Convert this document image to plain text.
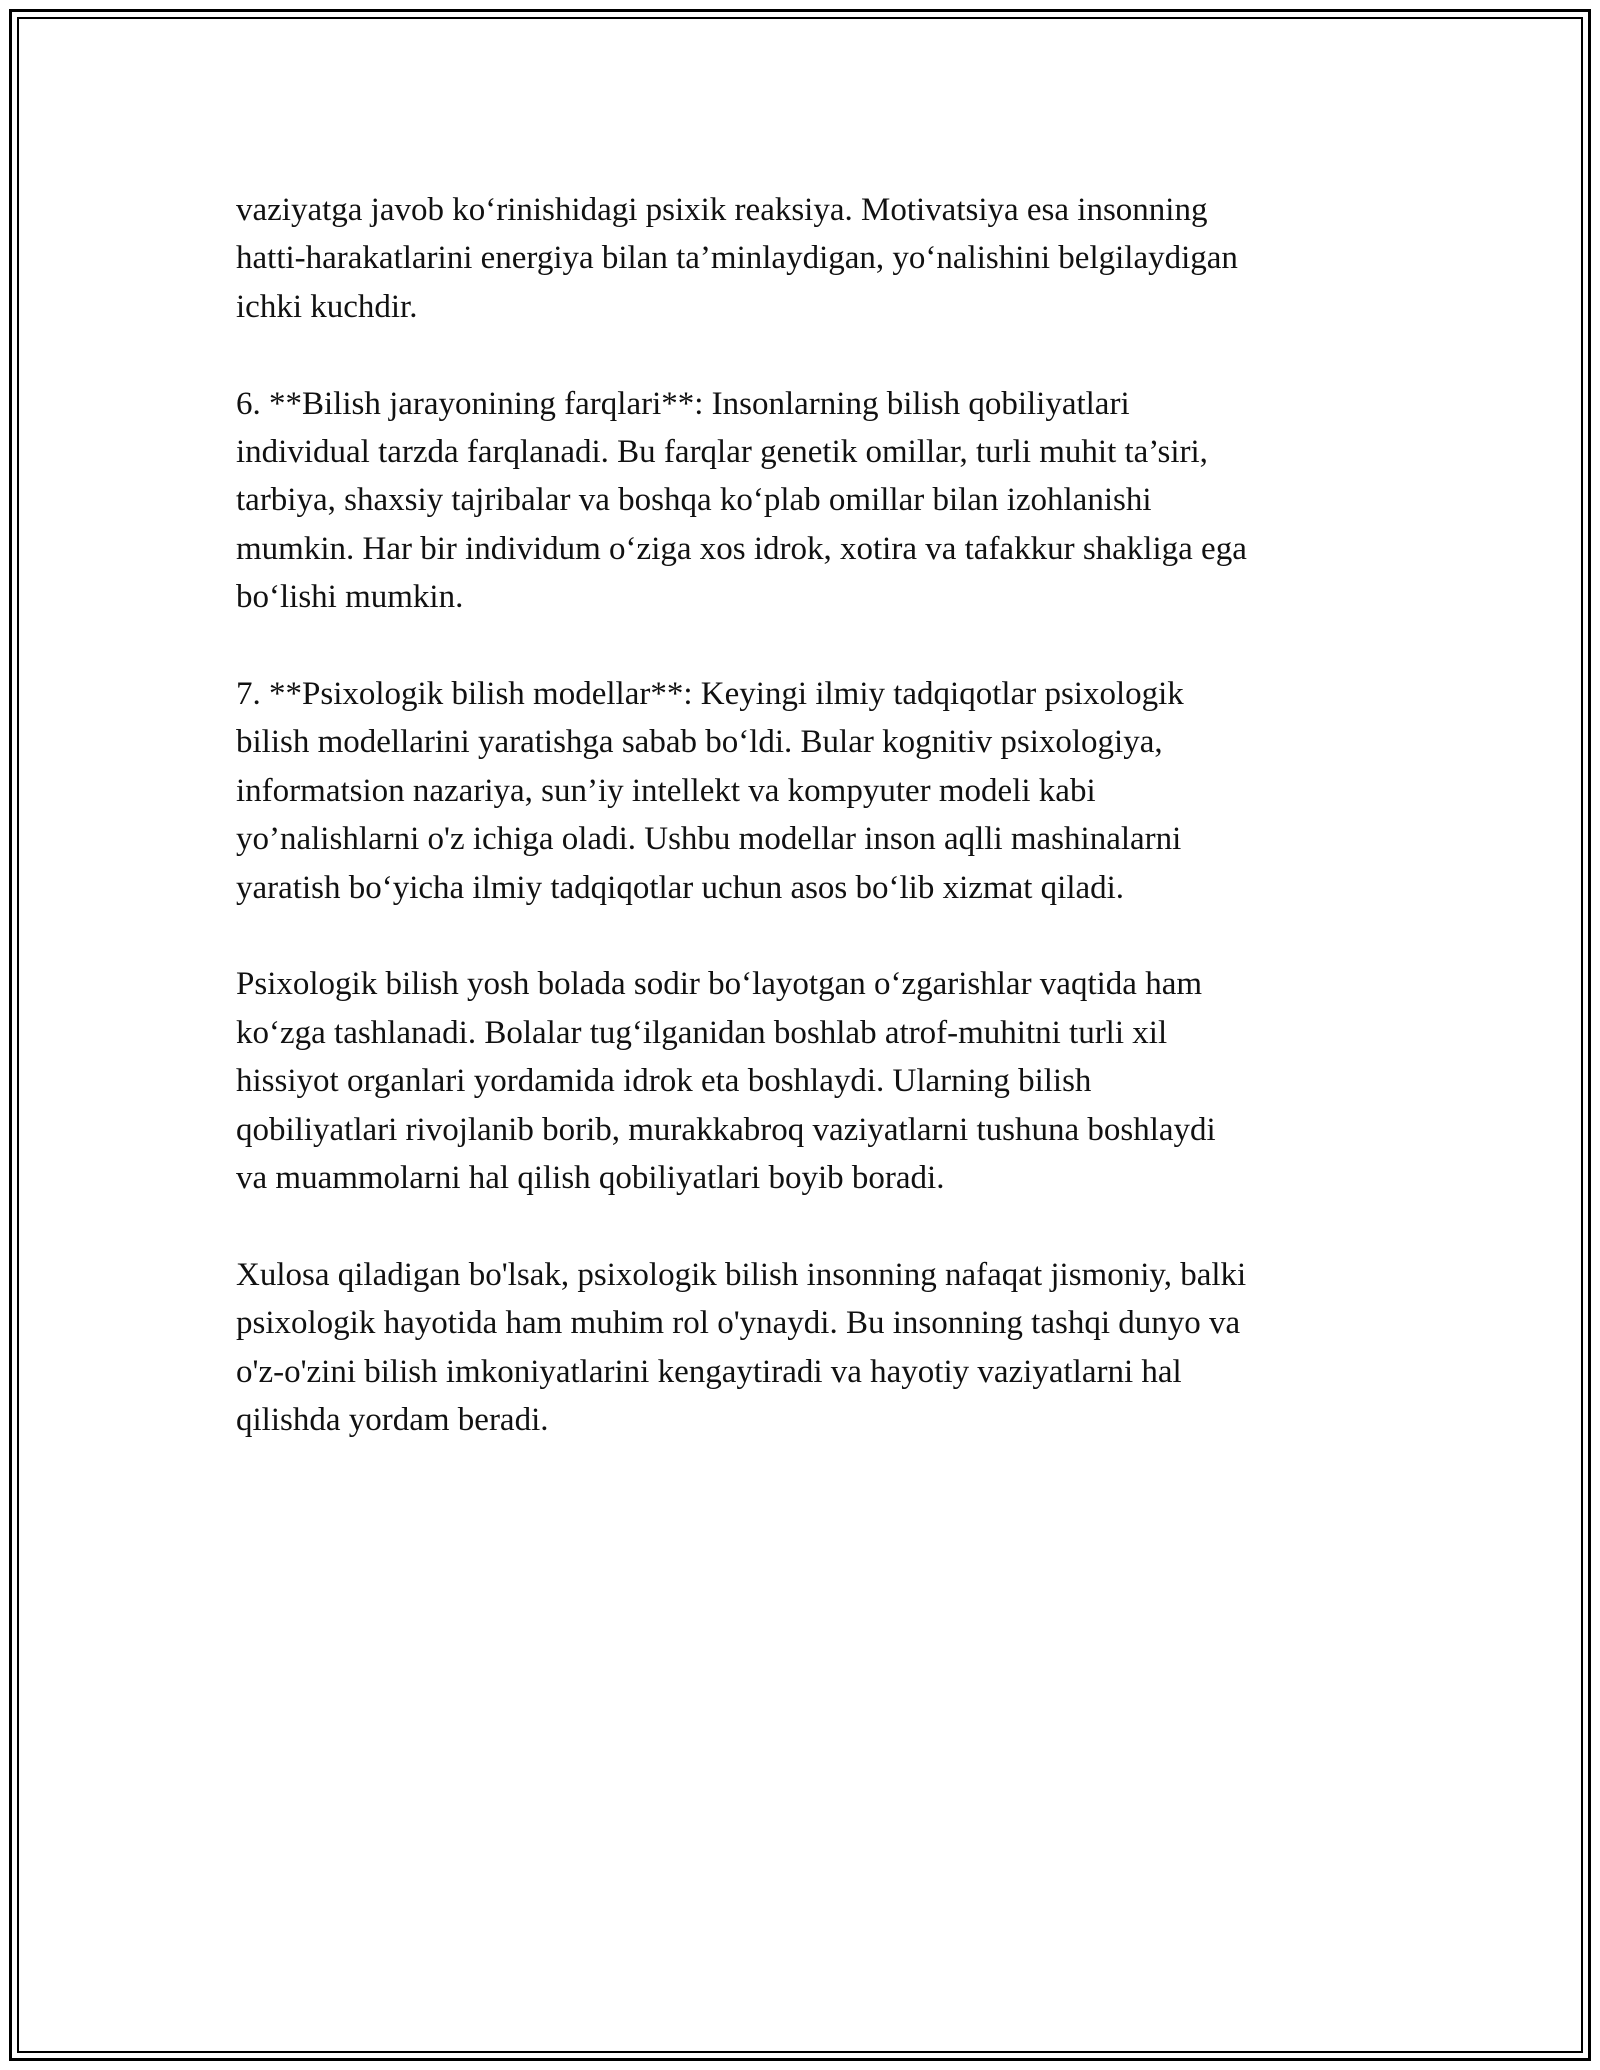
vaziyatga javob ko‘rinishidagi psixik reaksiya. Motivatsiya esa insonning
hatti-harakatlarini energiya bilan ta’minlaydigan, yo‘nalishini belgilaydigan
ichki kuchdir.

6. **Bilish jarayonining farqlari**: Insonlarning bilish qobiliyatlari
individual tarzda farqlanadi. Bu farqlar genetik omillar, turli muhit ta’siri,
tarbiya, shaxsiy tajribalar va boshqa ko‘plab omillar bilan izohlanishi
mumkin. Har bir individum o‘ziga xos idrok, xotira va tafakkur shakliga ega
bo‘lishi mumkin.

7. **Psixologik bilish modellar**: Keyingi ilmiy tadqiqotlar psixologik
bilish modellarini yaratishga sabab bo‘ldi. Bular kognitiv psixologiya,
informatsion nazariya, sun’iy intellekt va kompyuter modeli kabi
yo’nalishlarni o'z ichiga oladi. Ushbu modellar inson aqlli mashinalarni
yaratish bo‘yicha ilmiy tadqiqotlar uchun asos bo‘lib xizmat qiladi.

Psixologik bilish yosh bolada sodir bo‘layotgan o‘zgarishlar vaqtida ham
ko‘zga tashlanadi. Bolalar tug‘ilganidan boshlab atrof-muhitni turli xil
hissiyot organlari yordamida idrok eta boshlaydi. Ularning bilish
qobiliyatlari rivojlanib borib, murakkabroq vaziyatlarni tushuna boshlaydi
va muammolarni hal qilish qobiliyatlari boyib boradi.

Xulosa qiladigan bo'lsak, psixologik bilish insonning nafaqat jismoniy, balki
psixologik hayotida ham muhim rol o'ynaydi. Bu insonning tashqi dunyo va
o'z-o'zini bilish imkoniyatlarini kengaytiradi va hayotiy vaziyatlarni hal
qilishda yordam beradi.
